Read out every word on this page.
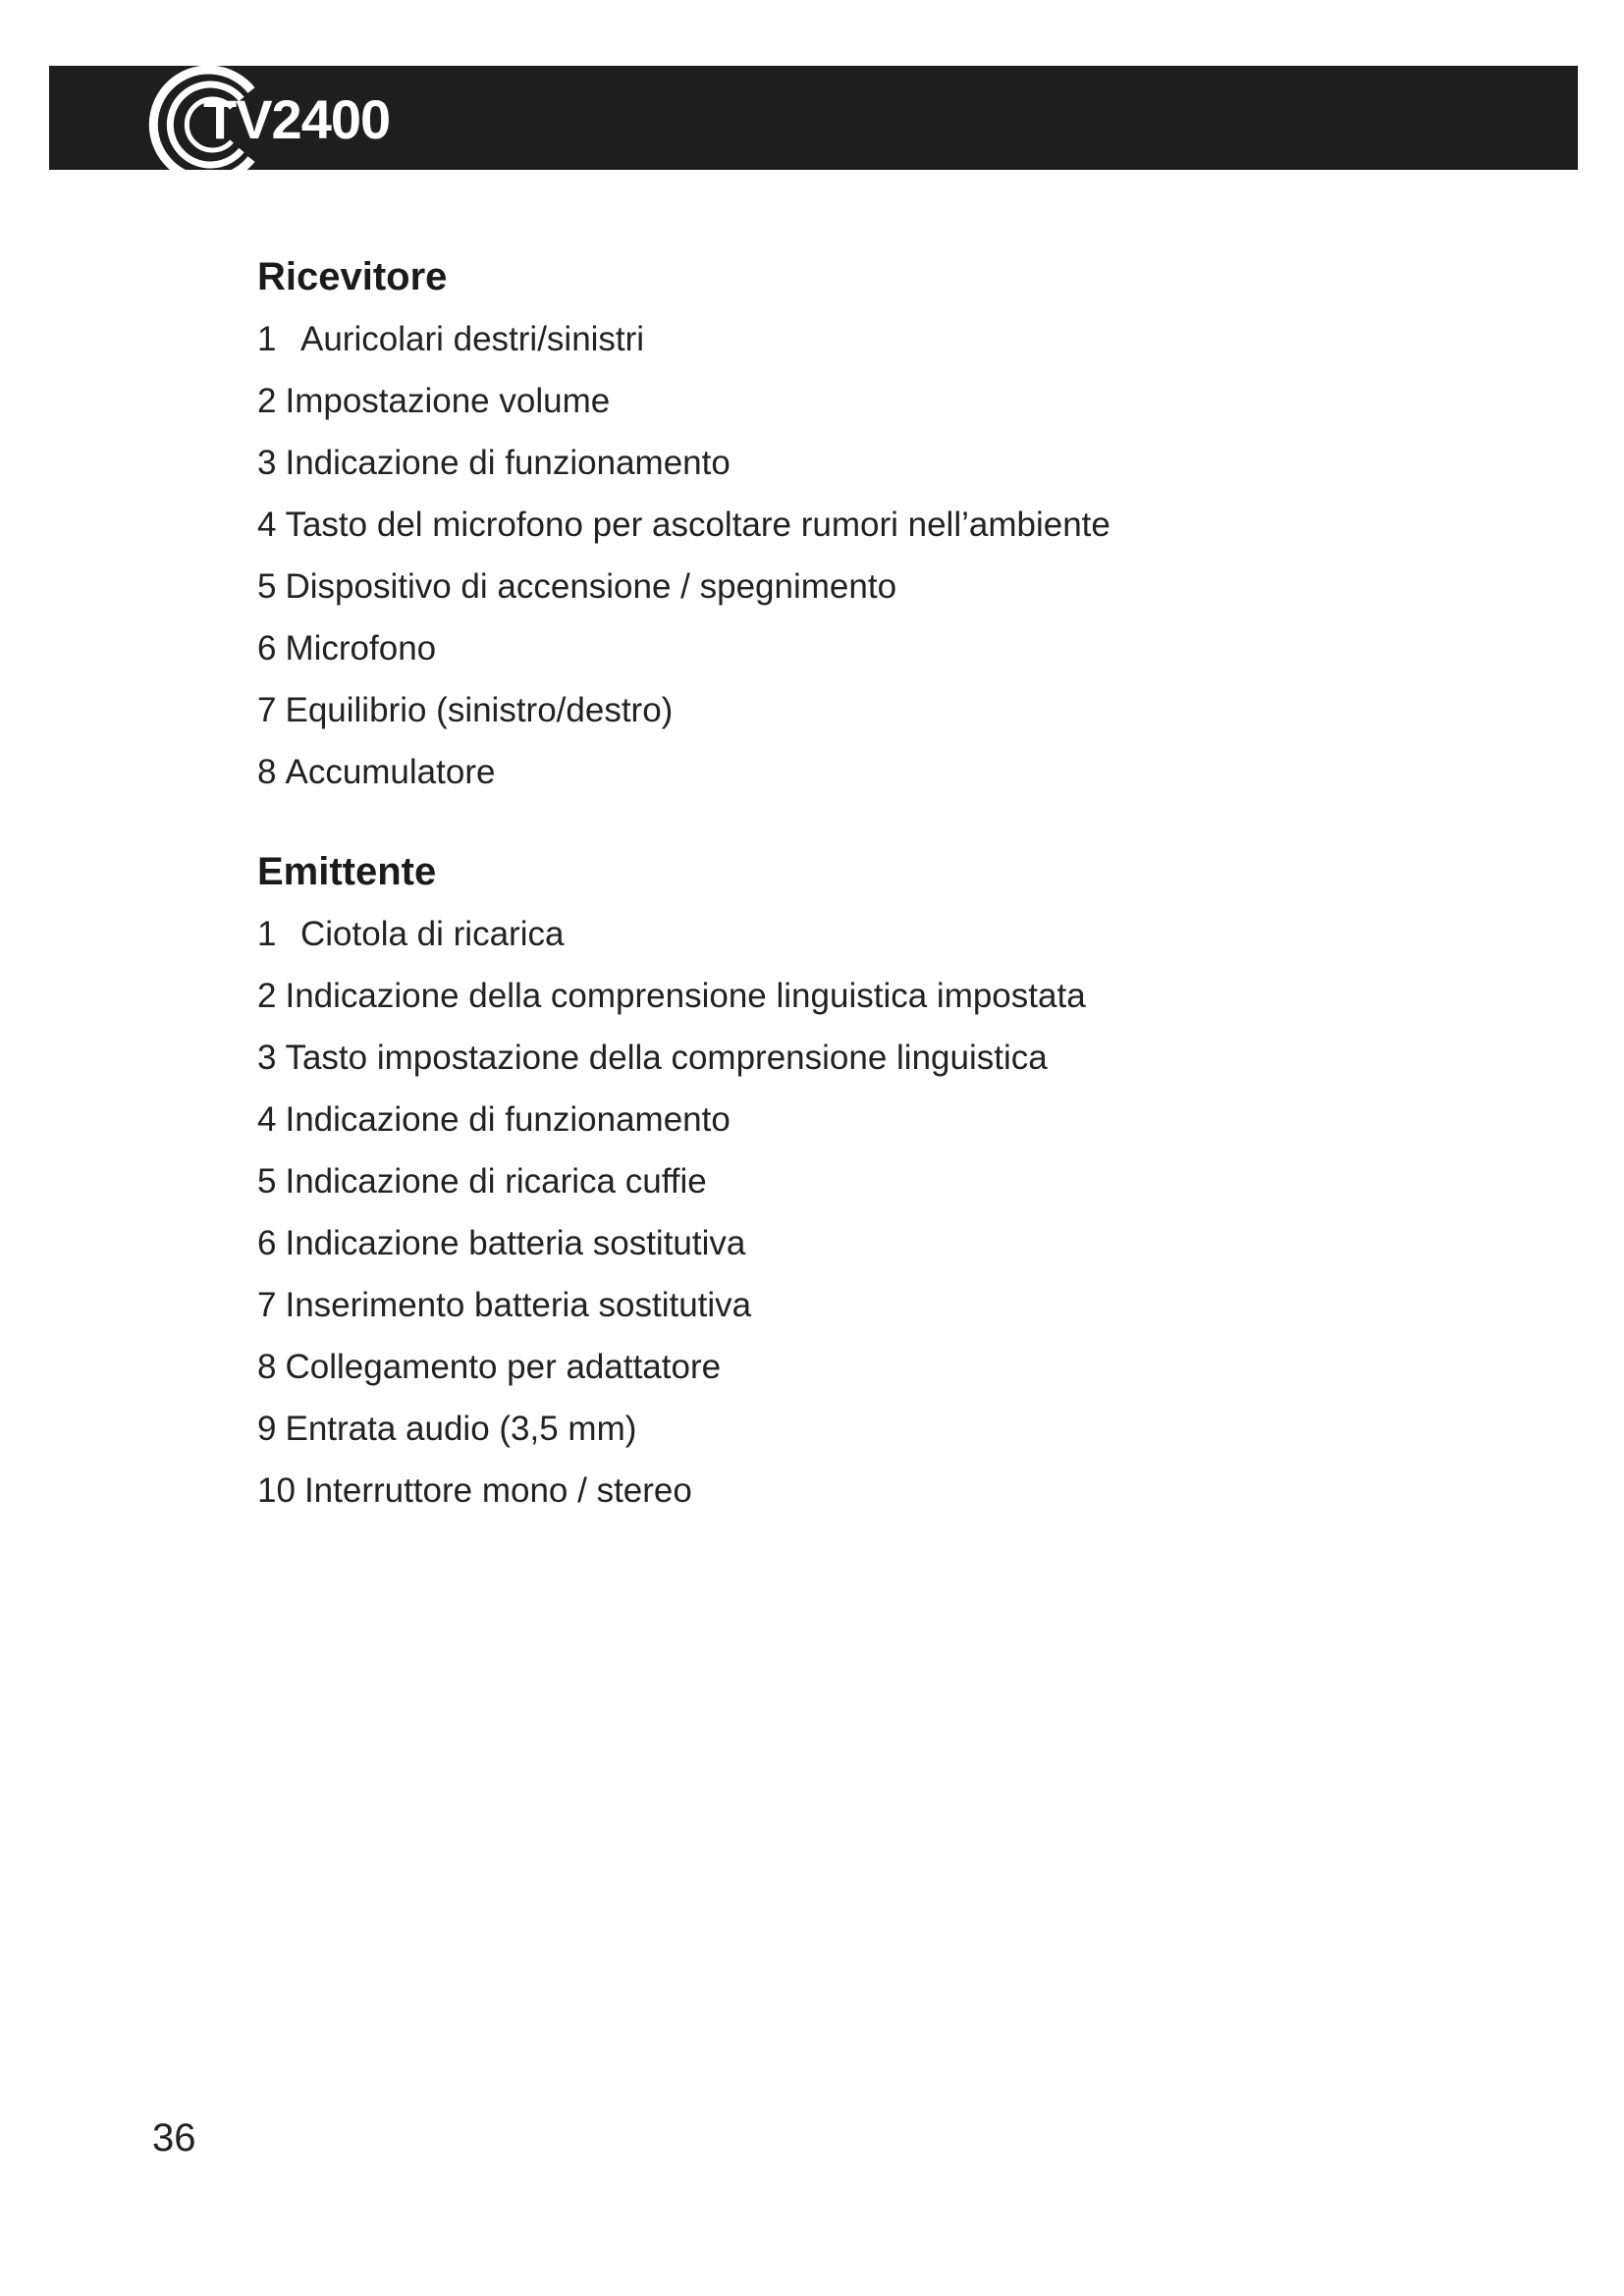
TV2400
Ricevitore
1 Auricolari destri/sinistri
2 Impostazione volume
3 Indicazione di funzionamento
4 Tasto del microfono per ascoltare rumori nell’ambiente
5 Dispositivo di accensione / spegnimento
6 Microfono
7 Equilibrio (sinistro/destro)
8 Accumulatore
Emittente
1 Ciotola di ricarica
2 Indicazione della comprensione linguistica impostata
3 Tasto impostazione della comprensione linguistica
4 Indicazione di funzionamento
5 Indicazione di ricarica cuffie
6 Indicazione batteria sostitutiva
7 Inserimento batteria sostitutiva
8 Collegamento per adattatore
9 Entrata audio (3,5 mm)
10 Interruttore mono / stereo
36
